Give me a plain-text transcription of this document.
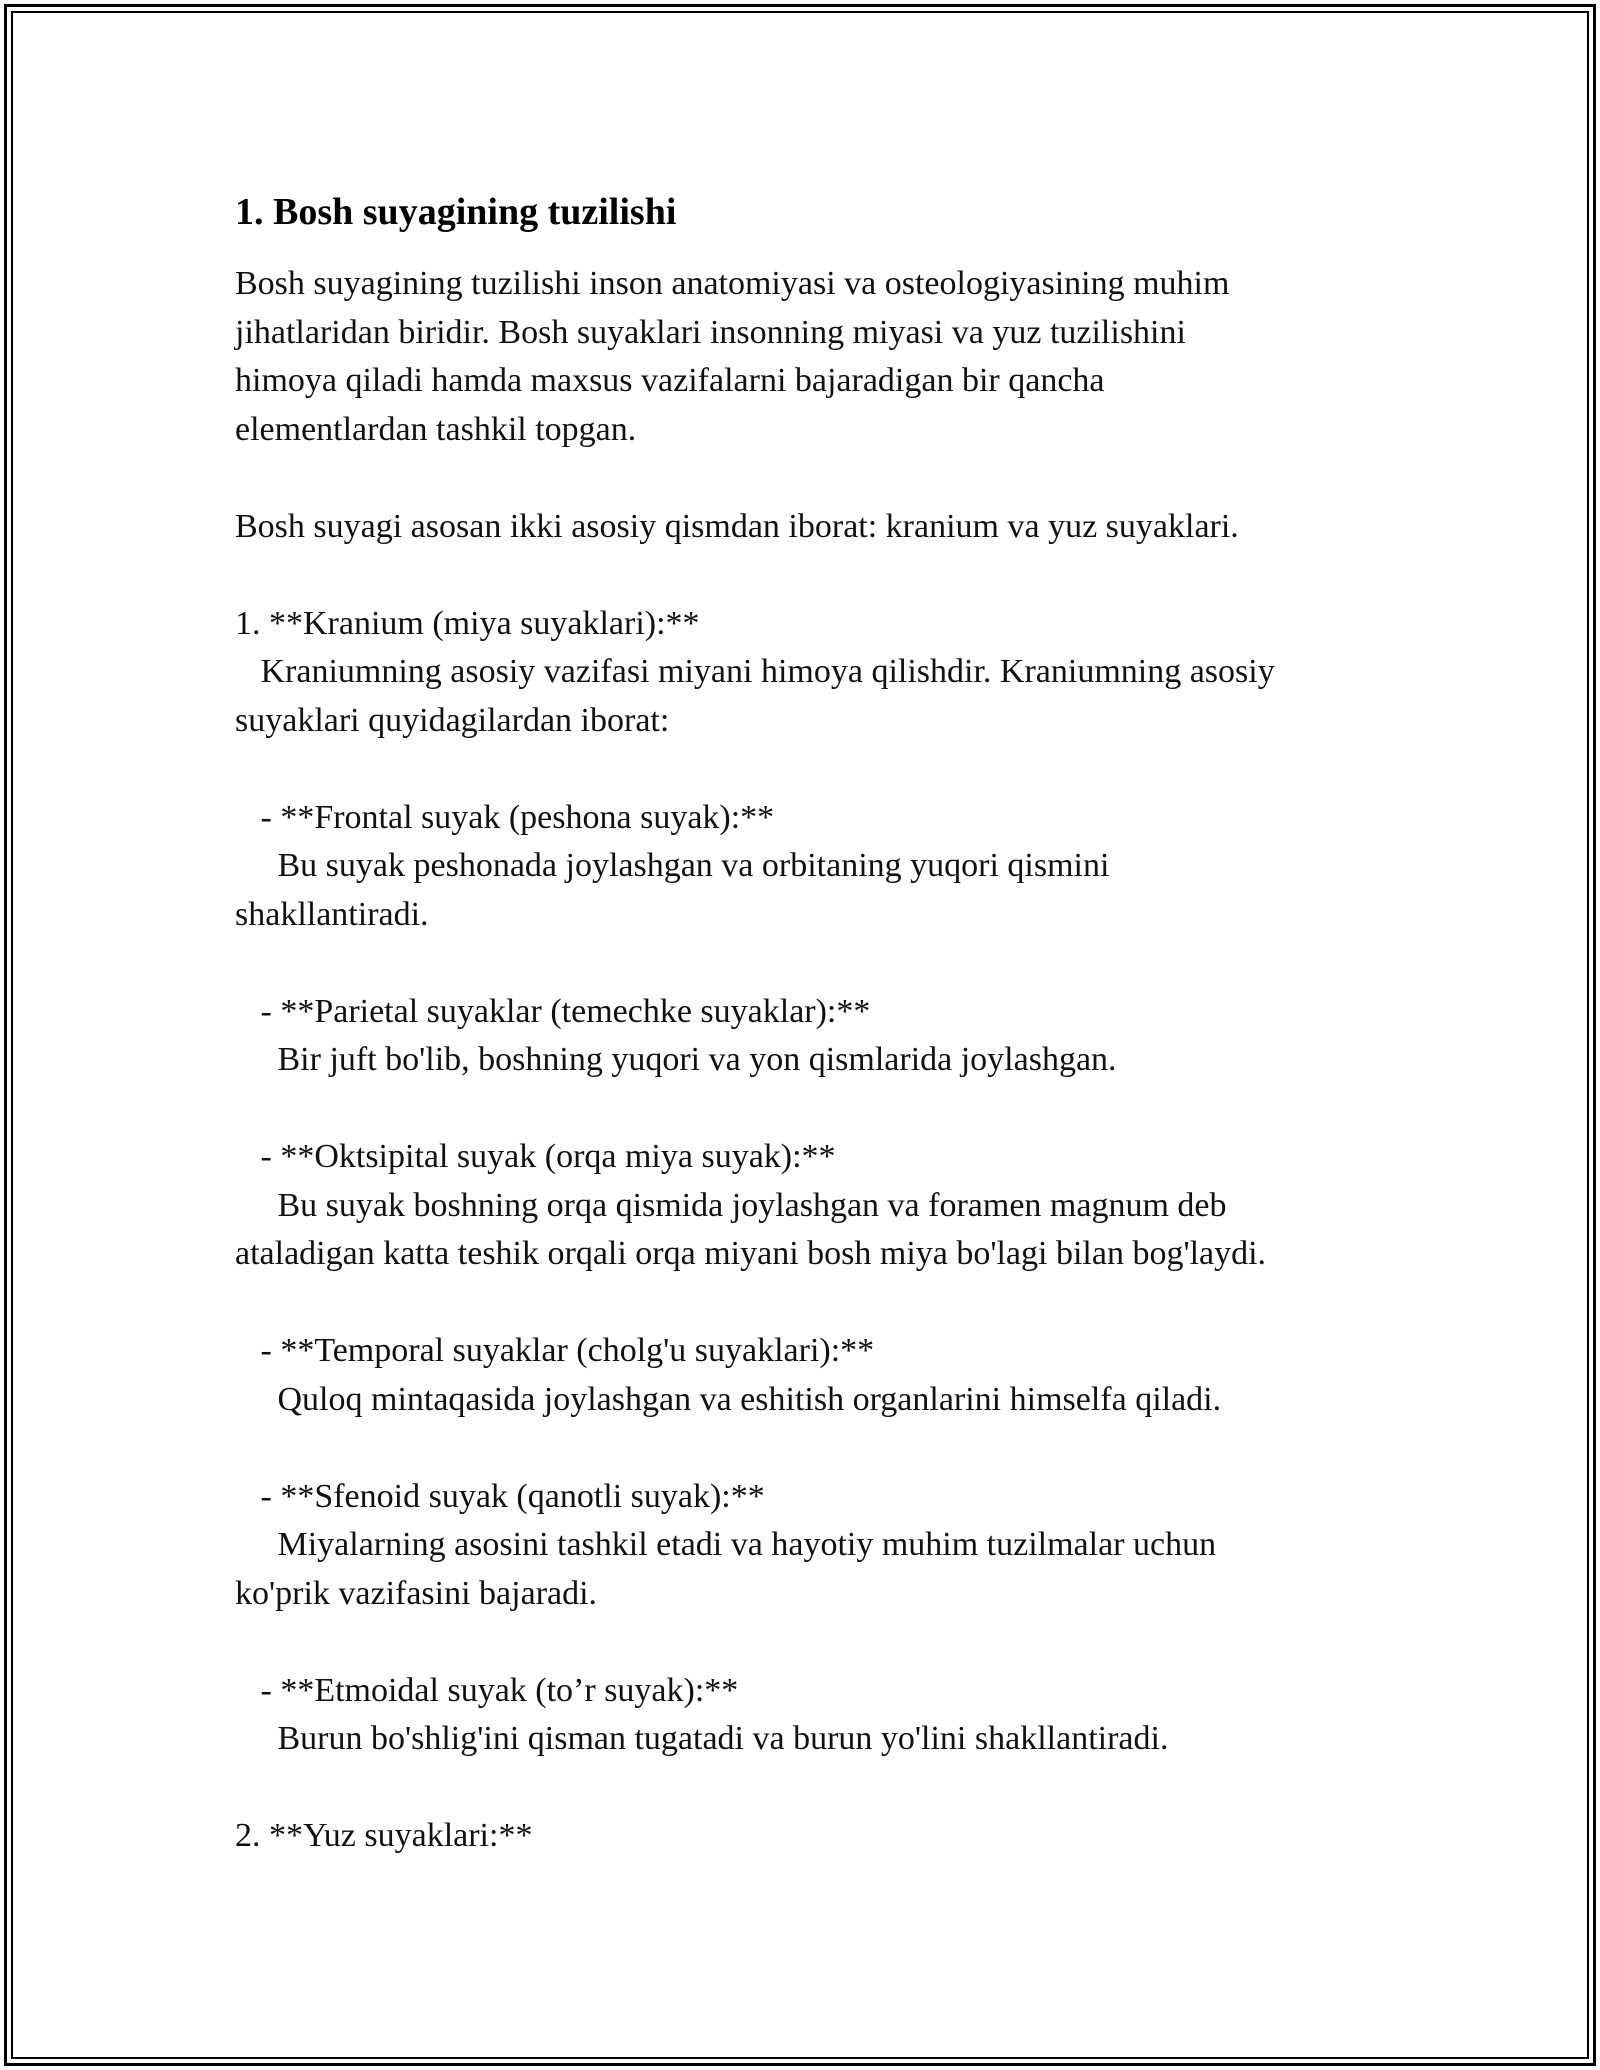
1. Bosh suyagining tuzilishi

Bosh suyagining tuzilishi inson anatomiyasi va osteologiyasining muhim
jihatlaridan biridir. Bosh suyaklari insonning miyasi va yuz tuzilishini
himoya qiladi hamda maxsus vazifalarni bajaradigan bir qancha
elementlardan tashkil topgan.

Bosh suyagi asosan ikki asosiy qismdan iborat: kranium va yuz suyaklari.

1. **Kranium (miya suyaklari):**
Kraniumning asosiy vazifasi miyani himoya qilishdir. Kraniumning asosiy
suyaklari quyidagilardan iborat:

- **Frontal suyak (peshona suyak):**
Bu suyak peshonada joylashgan va orbitaning yuqori qismini
shakllantiradi.

- **Parietal suyaklar (temechke suyaklar):**
Bir juft bo'lib, boshning yuqori va yon qismlarida joylashgan.

- **Oktsipital suyak (orqa miya suyak):**
Bu suyak boshning orqa qismida joylashgan va foramen magnum deb
ataladigan katta teshik orqali orqa miyani bosh miya bo'lagi bilan bog'laydi.

- **Temporal suyaklar (cholg'u suyaklari):**
Quloq mintaqasida joylashgan va eshitish organlarini himselfa qiladi.

- **Sfenoid suyak (qanotli suyak):**
Miyalarning asosini tashkil etadi va hayotiy muhim tuzilmalar uchun
ko'prik vazifasini bajaradi.

- **Etmoidal suyak (to’r suyak):**
Burun bo'shlig'ini qisman tugatadi va burun yo'lini shakllantiradi.

2. **Yuz suyaklari:**
